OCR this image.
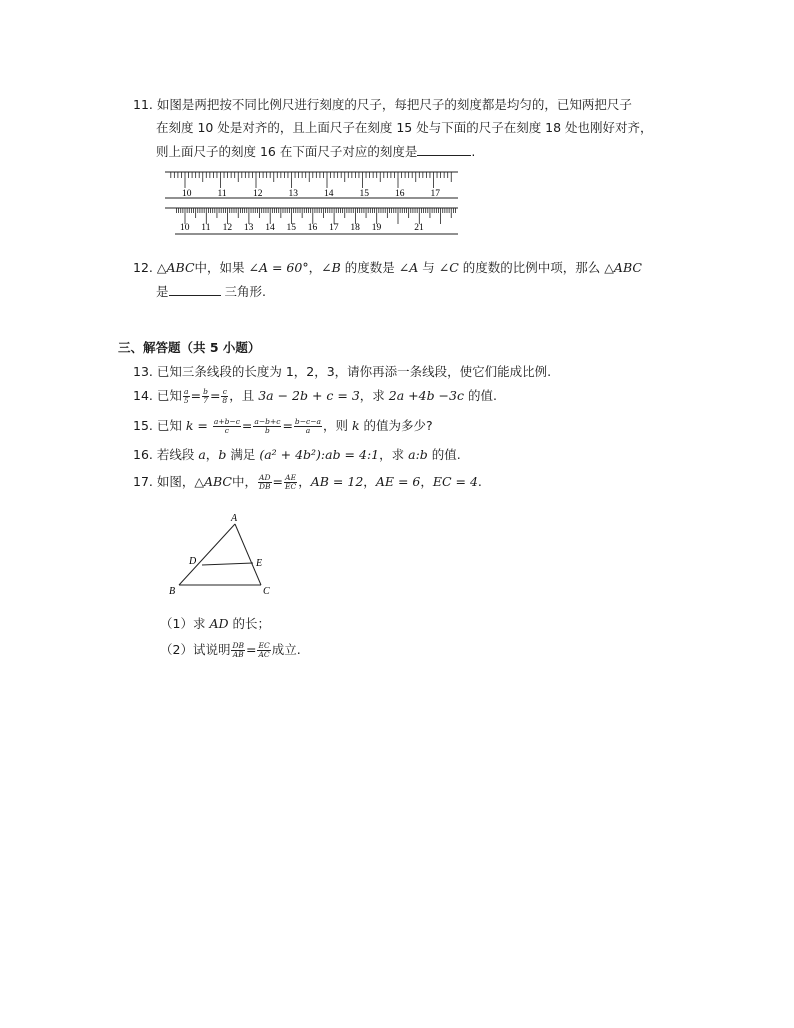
11. 如图是两把按不同比例尺进行刻度的尺子，每把尺子的刻度都是均匀的，已知两把尺子
在刻度 10 处是对齐的，且上面尺子在刻度 15 处与下面的尺子在刻度 18 处也刚好对齐，
则上面尺子的刻度 16 在下面尺子对应的刻度是	.
10	11	12	13	14	15	16	17
10 11 12 13 14 15 16 17 18 19	21
12. △ABC中，如果 ∠A = 60°，∠B 的度数是 ∠A 与 ∠C 的度数的比例中项，那么 △ABC
是	三角形.
三、解答题（共 5 小题）
13. 已知三条线段的长度为 1，2，3，请你再添一条线段，使它们能成比例.
14. 已知 $\frac{a}{5} = \frac{b}{7} = \frac{c}{8}$ ，且 3a − 2b + c = 3，求 2a +4b −3c 的值.
15. 已知 $k = \frac{a+b-c}{c} = \frac{a-b+c}{b} = \frac{b-c-a}{a}$ ，则 k 的值为多少?
16. 若线段 a，b 满足 (a² + 4b²):ab = 4:1，求 a:b 的值.
17. 如图，△ABC中， $\frac{AD}{DB} = \frac{AE}{EC}$ ，AB = 12，AE = 6，EC = 4.
A
B	C
D	E
（1）求 AD 的长；
（2）试说明 $\frac{DB}{AB} = \frac{EC}{AC}$ 成立.
